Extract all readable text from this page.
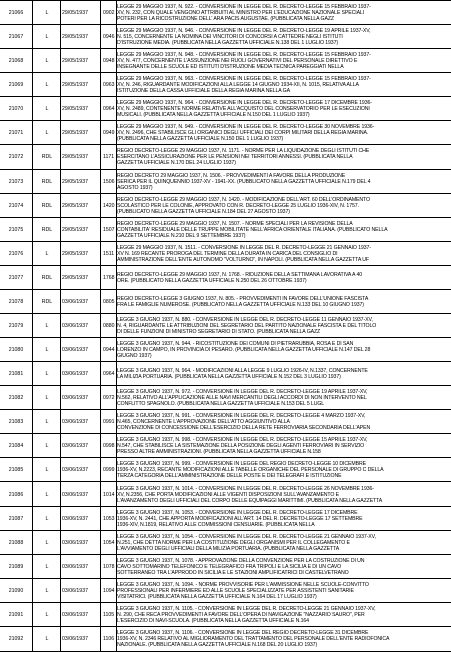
21066	L	29/05/1937	0902
LEGGE 29 MAGGIO 1937, N. 922. - CONVERSIONE IN LEGGE DEL R. DECRETO-LEGGE 15 FEBBRAIO 1937-
XV, N. 232, CON QUALE VENGONO ATTRIBUITI AL MINISTRO PER L'EDUCAZIONE NAZIONALE SPECIALI
POTERI PER LA RICOSTRUZIONE DELL' ARA PACIS AUGUSTAE. (PUBBLICATA NELLA GAZZ
21067	L	29/05/1937	0946
LEGGE 29 MAGGIO 1937, N. 946. - CONVERSIONE IN LEGGE DEL R. DECRETO-LEGGE 19 APRILE 1937-XV,
N. 515, CONCERNENTE LA NOMINA DEI VINCITORI DI CONCORSI A CATTEDRE NEGLI ISTITUTI
D'ISTRUZIONE MEDIA. (PUBBLICATA NELLA GAZZETTA UFFICIALE N.138 DEL 1 LUGLIO 1937)
21068	L	29/05/1937	0948
LEGGE 29 MAGGIO 1937, N. 948. - CONVERSIONE IN LEGGE DEL R. DECRETO-LEGGE 15 FEBBRAIO 1937-
XV, N. 477, CONCERNENTE L'ASSUNZIONE NEI RUOLI GOVERNATIVI DEL PERSONALE DIRETTIVO E
INSEGNANTE DELLE SCUOLE ED ISTITUTI D'ISTRUZIONE MEDIA TECNICA PAREGGIATI NELLA
21069	L	29/05/1937	0963
LEGGE 29 MAGGIO 1937, N. 963. - CONVERSIONE IN LEGGE DEL R. DECRETO-LEGGE 15 FEBBRAIO 1937-
XV, N. 246, RIGUARDANTE MODIFICAZIONI ALLA LEGGE 14 GIUGNO 1934-XII, N. 1015, RELATIVA ALLA
ISTITUZIONE DELLA CASSA UFFICIALE DELLA REGIA MARINA NELLA GA
21070	L	29/05/1937	0964
LEGGE 29 MAGGIO 1937, N. 964. - CONVERSIONE IN LEGGE DEL R. DECRETO-LEGGE 17 DICEMBRE 1936-
XV, N. 2489, CONTENENTE NORME RELATIVE ALL'ACQUISTO DEL CONSERVATORIO PER LE ESECUZIONI
MUSICALI. (PUBBLICATA NELLA GAZZETTA UFFICIALE N.150 DEL 1 LUGLIO 1937)
21071	L	29/05/1937	0949
LEGGE 29 MAGGIO 1937, N. 949. - CONVERSIONE IN LEGGE DEL R. DECRETO-LEGGE 30 NOVEMBRE 1936-
XV, N. 2496, CHE STABILISCE GLI ORGANICI DEGLI UFFICIALI DEI CORPI MILITARI DELLA REGIA MARINA.
(PUBBLICATA NELLA GAZZETTA UFFICIALE N.150 DEL 1 LUGLIO 1937)
21072	RDL	29/05/1937	1171
REGIO DECRETO-LEGGE 29 MAGGIO 1937, N. 1171. - NORME PER LA LIQUIDAZIONE DEGLI ISTITUTI CHE
ESERCITANO L'ASSICURAZIONE PER LE PENSIONI NEI TERRITORI ANNESSI. (PUBBLICATA NELLA
GAZZETTA UFFICIALE N.170 DEL 24 LUGLIO 1937)
21073	RDL	29/05/1937	1506
REGIO DECRETO 29 MAGGIO 1937, N. 1506. - PROVVEDIMENTI A FAVORE DELLA PRODUZIONE
SERICA PER IL QUINQUENNIO 1937-XV - 1941-XX. (PUBBLICATO NELLA GAZZETTA UFFICIALE N.179 DEL 4
AGOSTO 1937)
21074	RDL	29/05/1937	1420
REGIO DECRETO-LEGGE 29 MAGGIO 1937, N. 1420. - MODIFICAZIONE DELL'ART. 60 DELL'ORDINAMENTO
SCOLASTICO PER LE COLONIE, APPROVATO CON R. DECRETO-LEGGE 25 LUGLIO 1936-XIV, N. 1757.
(PUBBLICATO NELLA GAZZETTA UFFICIALE N.184 DEL 27 AGOSTO 1937)
21075	RDL	29/05/1937	1507
REGIO DECRETO-LEGGE 29 MAGGIO 1937, N. 1507. - NORME SPECIALI PER LA REVISIONE DELLA
CONTABILITA' RESIDUALE DELLE TRUPPE MOBILITATE NELL'AFRICA ORIENTALE ITALIANA. (PUBBLICATO NELLA
GAZZETTA UFFICIALE N.210 DEL 9 SETTEMBRE 1937)
21076	L	29/05/1937	1511
LEGGE 29 MAGGIO 1937, N. 1511. - CONVERSIONE IN LEGGE DEL R. DECRETO-LEGGE 21 GENNAIO 1937-
XV N. 169 RECANTE PROROGA DEL TERMINE DELLA DURATA IN CARICA DEL CONSIGLIO DI
AMMINISTRAZIONE DELL'ENTE AUTONOMO "VOLTURNO", IN NAPOLI. (PUBBLICATA NELLA GAZZETTA UF
21077	RDL	29/05/1937	1768 REGIO DECRETO-LEGGE 29 MAGGIO 1937, N. 1768. - RIDUZIONE DELLA SETTIMANA LAVORATIVA A 40
ORE. (PUBBLICATO NELLA GAZZETTA UFFICIALE N.250 DEL 26 OTTOBRE 1937)
21078	RDL	03/06/1937	0805 REGIO DECRETO-LEGGE 3 GIUGNO 1937, N. 805. - PROVVEDIMENTI IN FAVORE DELL'UNIONE FASCISTA
FRA LE FAMIGLIE NUMEROSE. (PUBBLICATO NELLA GAZZETTA UFFICIALE N.133 DEL 10 GIUGNO 1937)
21079	L	03/06/1937	0880
LEGGE 3 GIUGNO 1937, N. 880. - CONVERSIONE IN LEGGE DEL R. DECRETO-LEGGE 11 GENNAIO 1937-XV,
N. 4, RIGUARDANTE LE ATTRIBUZIONI DEL SEGRETARIO DEL PARTITO NAZIONALE FASCISTA E DEL TITOLO
DI DELLE FUNZIONI DI MINISTRO SEGRETARIO DI STATO. (PUBBLICATA NELLA GAZZ
21080	L	03/06/1937	0944
LEGGE 3 GIUGNO 1937, N. 944. - RICOSTITUZIONE DEI COMUNI DI PIETRARUBBIA, ROSA E DI SAN
LORENZO IN CAMPO, IN PROVINCIA DI PESARO. (PUBBLICATA NELLA GAZZETTA UFFICIALE N.147 DEL 28
GIUGNO 1937)
21081	L	03/06/1937	0964 LEGGE 3 GIUGNO 1937, N. 964. - MODIFICAZIONI ALLA LEGGE 9 LUGLIO 1926-IV, N.1337, CONCERNENTE
LA MILIZIA PORTUARIA. (PUBBLICATA NELLA GAZZETTA UFFICIALE N.152 DEL 3 LUGLIO 1937)
21082	L	03/06/1937	0972
LEGGE 3 GIUGNO 1937, N. 972. - CONVERSIONE IN LEGGE DEL R. DECRETO-LEGGE 19 APRILE 1937-XV,
N.562, RELATIVO ALL'APPLICAZIONE ALLE NAVI MERCANTILI DEGLI ACCORDI DI NON INTERVENTO NEL
CONFLITTO SPAGNOLO. (PUBBLICATA NELLA GAZZETTA UFFICIALE N.153 DEL 5 LUGL
21083	L	03/06/1937	0991
LEGGE 3 GIUGNO 1937, N. 991. - CONVERSIONE IN LEGGE DEL R. DECRETO-LEGGE 4 MARZO 1937-XV,
N.465, CONCERNENTE L'APPROVAZIONE DELL'ATTO AGGIUNTIVO ALLA
CONVENZIONE DI CONCESSIONE DELL'ESERCIZIO DELLA RETE FERROVIARIA SECONDARIA DELL'APEN
21084	L	03/06/1937	0998
LEGGE 3 GIUGNO 1937, N. 998. - CONVERSIONE IN LEGGE DEL R. DECRETO-LEGGE 15 APRILE 1937-XV,
N.547, CHE STABILISCE LA SISTEMAZIONE DELLA POSIZIONE DEGLI AGENTI FERROVIARI IN SERVIZIO
PRESSO ALTRE AMMINISTRAZIONI. (PUBBLICATA NELLA GAZZETTA UFFICIALE N.158
21085	L	03/06/1937	0999
LEGGE 3 GIUGNO 1937, N. 999. - CONVERSIONE IN LEGGE DEL REGIO DECRETO-LEGGE 10 DICEMBRE
1936-XV, N.2223, RECANTE MODIFICAZIONI ALLE TABELLE ORGANICHE DEL PERSONALE DI GRUPPO C DELLA
TERZA CATEGORIA DELL'AMMINISTRAZIONE DELLE POSTE E DEI TELEGRAFI E ISTITUZIONE
21086	L	03/06/1937	1014
LEGGE 3 GIUGNO 1937, N. 1014. - CONVERSIONE IN LEGGE DEL R. DECRETO-LEGGE 26 NOVEMBRE 1936-
XV, N.2356, CHE PORTA MODIFICAZIONI ALLE VIGENTI DISPOSIZIONI SULL'AVANZAMENTO E
L'AVANZAMENTO DEGLI UFFICIALI DEL CORPO DELLE EQUIPAGGI MARITTIMI. (PUBBLICATA NELLA GAZZETTA
21087	L	03/06/1937	1053
LEGGE 3 GIUGNO 1937, N. 1053. - CONVERSIONE IN LEGGE DEL R. DECRETO-LEGGE 17 DICEMBRE
1936-XV, N. 2441, CHE APPORTA MODIFICAZIONI ALL'ART. 14 DEL R. DECRETO-LEGGE 17 SETTEMBRE
1936-XIV, N.1819, RELATIVO ALLE COMMISSIONI CENSUARIE. (PUBBLICATA NELLA
21088	L	03/06/1937	1054
LEGGE 3 GIUGNO 1937, N. 1054. - CONVERSIONE IN LEGGE DEL R. DECRETO-LEGGE 21 GENNAIO 1937-XV,
N.251, CHE DETTA NORME PER LA COSTITUZIONE DEGLI ORGANISMI PER IL COLLEGAMENTO E
L'AVVIAMENTO DEGLI UFFICIALI DELLA MILIZIA PORTUARIA. (PUBBLICATA NELLA GAZZETTA
21089	L	03/06/1937	1078
LEGGE 3 GIUGNO 1937, N. 1078. - APPROVAZIONE DELLA CONVENZIONE PER LA COSTRUZIONE DI UN
CAVO SOTTOMARINO TELEFONICO E TELEGRAFICO FRA TRIPOLI E LA SICILIA E DI UN CAVO
SOTTERRANEO TRA L'APPRODO IN SICILIA E LE STAZIONI AMPLIFICATRICI DI CASTELVETRANO
21090	L	03/06/1937	1094
LEGGE 3 GIUGNO 1937, N. 1094. - NORME PROVVISORIE PER L'AMMISSIONE NELLE SCUOLE-CONVITTO
PROFESSIONALI PER INFERMIERE ED ALLE SCUOLE SPECIALIZZATE PER ASSISTENTI SANITARIE
VISITATRICI. (PUBBLICATA NELLA GAZZETTA UFFICIALE N.164 DEL 17 LUGLIO 1937)
21091	L	03/06/1937	1105
LEGGE 3 GIUGNO 1937, N. 1105. - CONVERSIONE IN LEGGE DEL R. DECRETO-LEGGE 21 GENNAIO 1937-XV,
N. 290, CHE RECA PROVVEDIMENTI A FAVORE DELL'OPERA DI NAVIGAZIONE "NAZZARIO SAURO", PER
L'ESERCIZIO DI NAVI-SCUOLA. (PUBBLICATA NELLA GAZZETTA UFFICIALE N.164
21092	L	03/06/1937	1106
LEGGE 3 GIUGNO 1937, N. 1106. - CONVERSIONE IN LEGGE DEL REGIO DECRETO-LEGGE 31 DICEMBRE
1936-XV, N. 2346 RELATIVO AL MIGLIORAMENTO DEL TRATTAMENTO DEL PERSONALE DELL'ENTE RADIOFONICA
NAZIONALE. (PUBBLICATA NELLA GAZZETTA UFFICIALE N.168 DEL 20 LUGLIO 1937)
